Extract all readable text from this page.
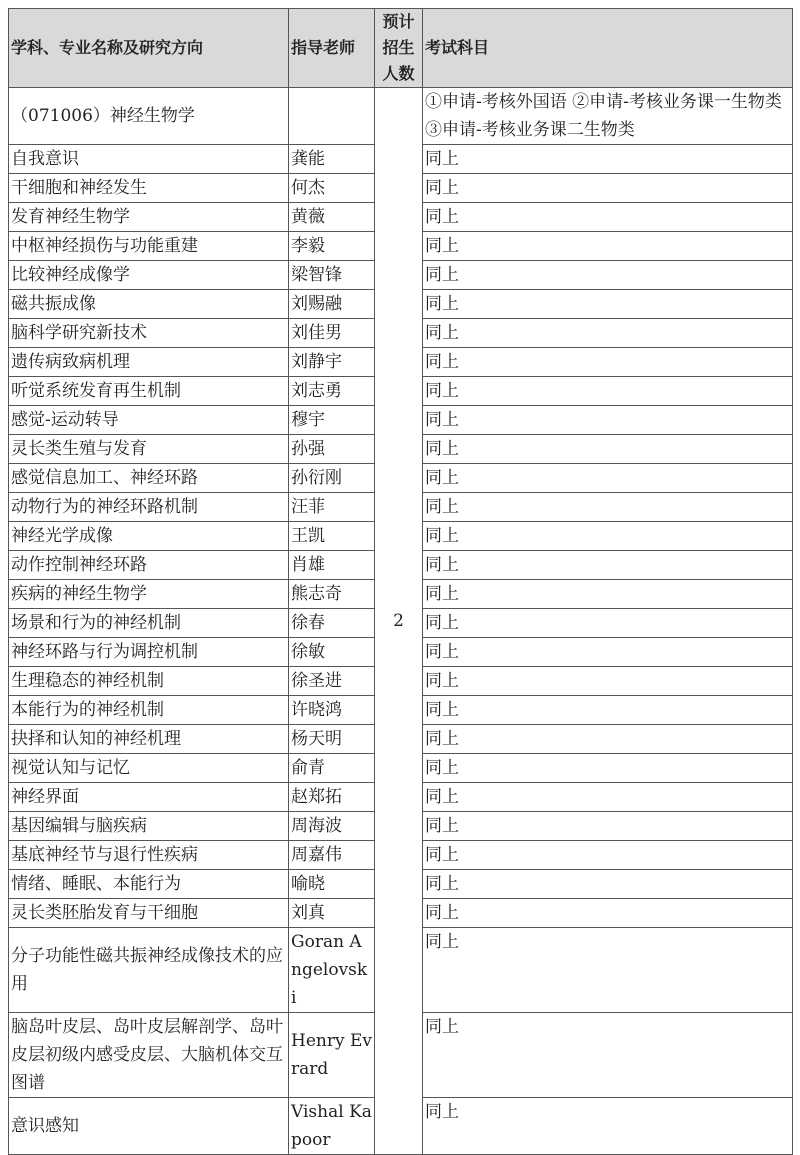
学科、专业名称及研究方向	指导老师	预计招生人数	考试科目
（071006）神经生物学		2	①申请-考核外国语 ②申请-考核业务课一生物类③申请-考核业务课二生物类
自我意识	龚能		同上
干细胞和神经发生	何杰		同上
发育神经生物学	黄薇		同上
中枢神经损伤与功能重建	李毅		同上
比较神经成像学	梁智锋		同上
磁共振成像	刘赐融		同上
脑科学研究新技术	刘佳男		同上
遗传病致病机理	刘静宇		同上
听觉系统发育再生机制	刘志勇		同上
感觉-运动转导	穆宇		同上
灵长类生殖与发育	孙强		同上
感觉信息加工、神经环路	孙衍刚		同上
动物行为的神经环路机制	汪菲		同上
神经光学成像	王凯		同上
动作控制神经环路	肖雄		同上
疾病的神经生物学	熊志奇		同上
场景和行为的神经机制	徐春		同上
神经环路与行为调控机制	徐敏		同上
生理稳态的神经机制	徐圣进		同上
本能行为的神经机制	许晓鸿		同上
抉择和认知的神经机理	杨天明		同上
视觉认知与记忆	俞青		同上
神经界面	赵郑拓		同上
基因编辑与脑疾病	周海波		同上
基底神经节与退行性疾病	周嘉伟		同上
情绪、睡眠、本能行为	喻晓		同上
灵长类胚胎发育与干细胞	刘真		同上
分子功能性磁共振神经成像技术的应用	Goran Angelovski		同上
脑岛叶皮层、岛叶皮层解剖学、岛叶皮层初级内感受皮层、大脑机体交互图谱	Henry Evrard		同上
意识感知	Vishal Kapoor		同上
